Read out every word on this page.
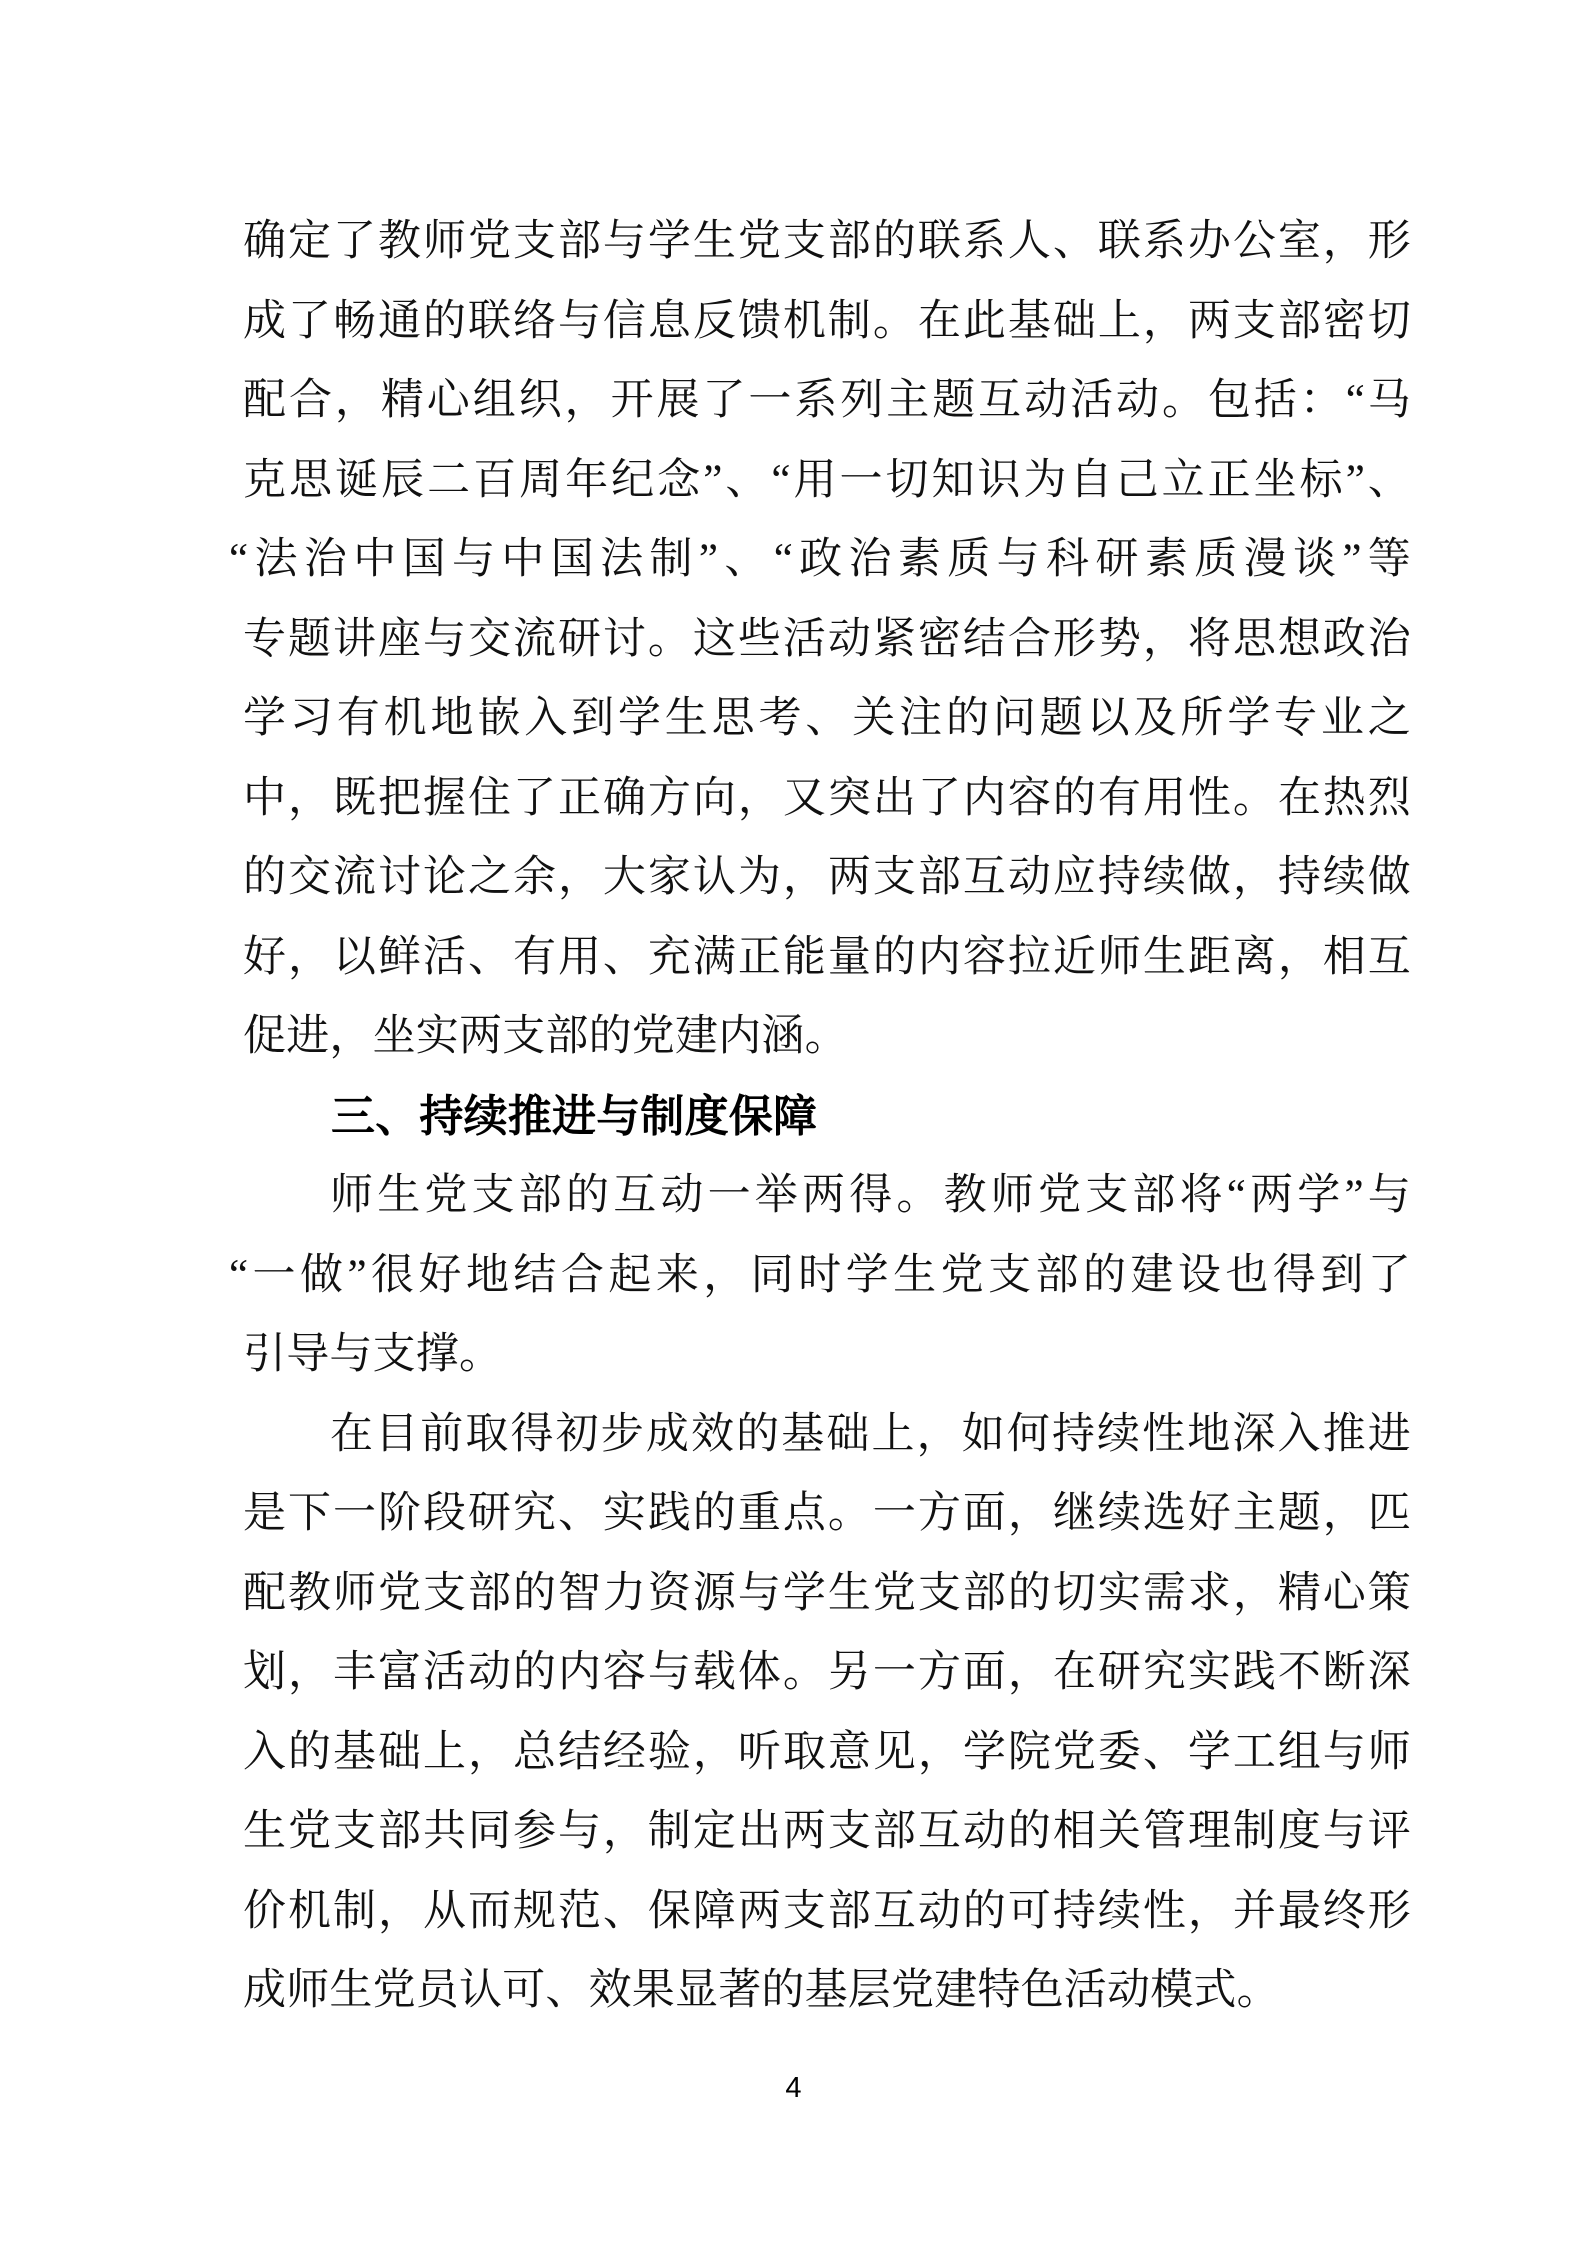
确定了教师党支部与学生党支部的联系人、联系办公室，形
成了畅通的联络与信息反馈机制。在此基础上，两支部密切
配合，精心组织，开展了一系列主题互动活动。包括：“马
克思诞辰二百周年纪念”、“用一切知识为自己立正坐标”、
“法治中国与中国法制”、“政治素质与科研素质漫谈”等
专题讲座与交流研讨。这些活动紧密结合形势，将思想政治
学习有机地嵌入到学生思考、关注的问题以及所学专业之
中，既把握住了正确方向，又突出了内容的有用性。在热烈
的交流讨论之余，大家认为，两支部互动应持续做，持续做
好，以鲜活、有用、充满正能量的内容拉近师生距离，相互
促进，坐实两支部的党建内涵。
三、持续推进与制度保障
师生党支部的互动一举两得。教师党支部将“两学”与
“一做”很好地结合起来，同时学生党支部的建设也得到了
引导与支撑。
在目前取得初步成效的基础上，如何持续性地深入推进
是下一阶段研究、实践的重点。一方面，继续选好主题，匹
配教师党支部的智力资源与学生党支部的切实需求，精心策
划，丰富活动的内容与载体。另一方面，在研究实践不断深
入的基础上，总结经验，听取意见，学院党委、学工组与师
生党支部共同参与，制定出两支部互动的相关管理制度与评
价机制，从而规范、保障两支部互动的可持续性，并最终形
成师生党员认可、效果显著的基层党建特色活动模式。
4
